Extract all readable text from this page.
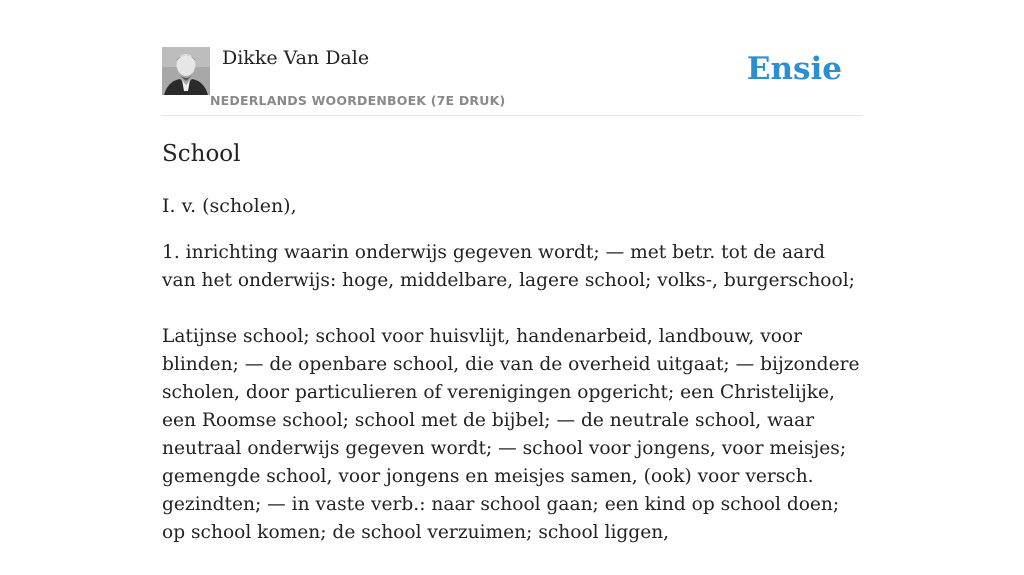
Dikke Van Dale
NEDERLANDS WOORDENBOEK (7E DRUK)
Ensie
School
I. v. (scholen),

1. inrichting waarin onderwijs gegeven wordt; — met betr. tot de aard van het onderwijs: hoge, middelbare, lagere school; volks-, burgerschool;

Latijnse school; school voor huisvlijt, handenarbeid, landbouw, voor blinden; — de openbare school, die van de overheid uitgaat; — bijzondere scholen, door particulieren of verenigingen opgericht; een Christelijke, een Roomse school; school met de bijbel; — de neutrale school, waar neutraal onderwijs gegeven wordt; — school voor jongens, voor meisjes; gemengde school, voor jongens en meisjes samen, (ook) voor versch. gezindten; — in vaste verb.: naar school gaan; een kind op school doen; op school komen; de school verzuimen; school liggen,
